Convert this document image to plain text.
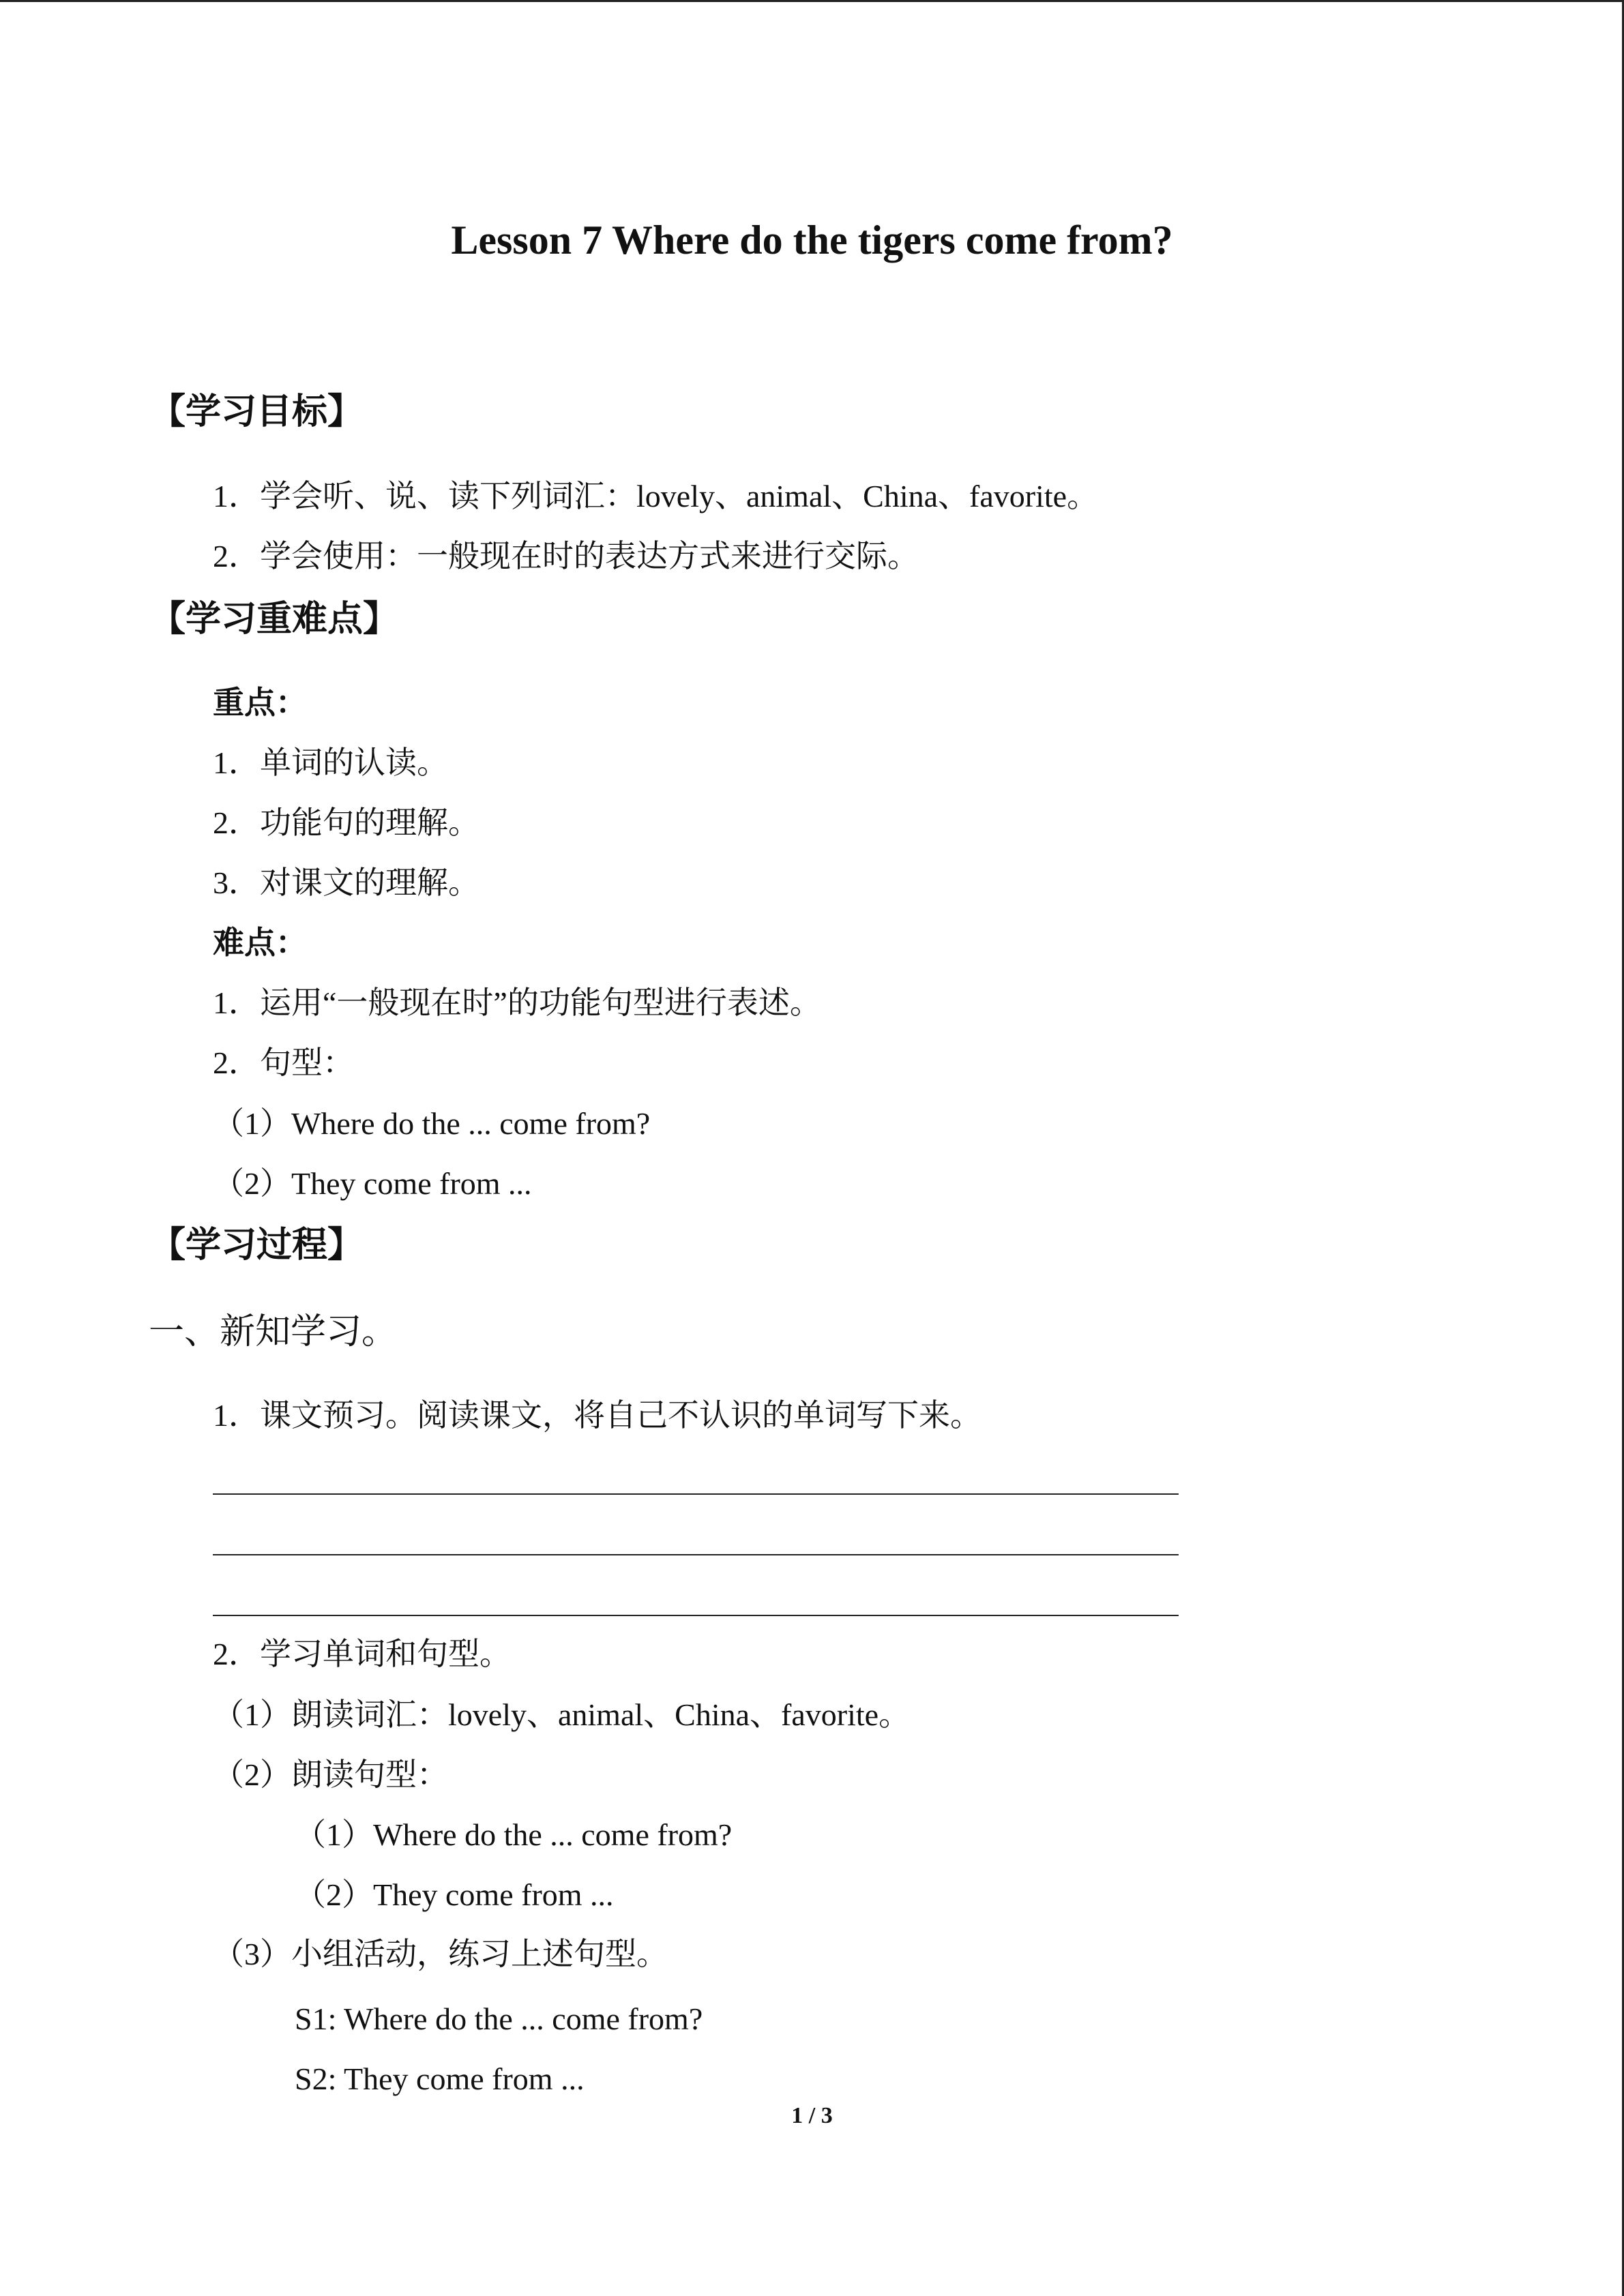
Lesson 7 Where do the tigers come from?
【学习目标】
1．学会听、说、读下列词汇：lovely、animal、China、favorite。
2．学会使用：一般现在时的表达方式来进行交际。
【学习重难点】
重点：
1．单词的认读。
2．功能句的理解。
3．对课文的理解。
难点：
1．运用“一般现在时”的功能句型进行表述。
2．句型：
（1）Where do the ... come from?
（2）They come from ...
【学习过程】
一、新知学习。
1．课文预习。阅读课文，将自己不认识的单词写下来。
2．学习单词和句型。
（1）朗读词汇：lovely、animal、China、favorite。
（2）朗读句型：
（1）Where do the ... come from?
（2）They come from ...
（3）小组活动，练习上述句型。
S1: Where do the ... come from?
S2: They come from ...
1 / 3
